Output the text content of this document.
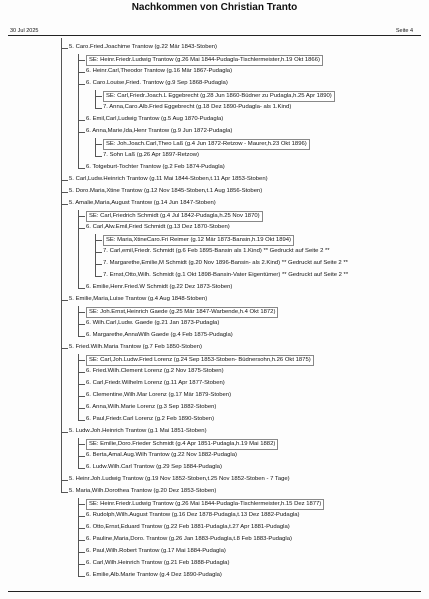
Nachkommen von Christian Tranto
30 Jul 2025	Seite 4
5. Caro.Fried.Joachime Trantow (g.22 Mär 1843-Stoben)
SE: Heinr.Friedr.Ludwig Trantow (g.26 Mai 1844-Pudagla-Tischlermeister,h.19 Okt 1866)
6. Heinr.Carl,Theodor Trantow (g.16 Mär 1867-Pudagla)
6. Caro.Louise,Fried. Trantow (g.9 Sep 1868-Pudagla)
SE: Carl,Friedr.Joach.L Eggebrecht (g.28 Jun 1860-Büdner zu Pudagla,h.25 Apr 1890)
7. Anna,Caro.Alb.Fried Eggebrecht (g.18 Dez 1890-Pudagla- als 1.Kind)
6. Emil,Carl,Ludwig Trantow (g.5 Aug 1870-Pudagla)
6. Anna,Marie,Ida,Henr Trantow (g.9 Jun 1872-Pudagla)
SE: Joh.Joach.Carl,Theo Laß (g.4 Jun 1872-Retzow - Maurer,h.23 Okt 1896)
7. Sohn Laß (g.26 Apr 1897-Retzow)
6. Totgeburt-Tochter Trantow (g.2 Feb 1874-Pudagla)
5. Carl,Ludw.Heinrich Trantow (g.11 Mai 1844-Stoben,t.11 Apr 1853-Stoben)
5. Doro.Maria,Xtine Trantow (g.12 Nov 1845-Stoben,t.1 Aug 1856-Stoben)
5. Amalie,Maria,August Trantow (g.14 Jun 1847-Stoben)
SE: Carl,Friedrich Schmidt (g.4 Jul 1842-Pudagla,h.25 Nov 1870)
6. Carl,Alw.Emil,Fried Schmidt (g.13 Dez 1870-Stoben)
SE: Maria,XtineCaro.Fri Reimer (g.12 Mär 1873-Bansin,h.19 Okt 1894)
7. Carl,emil,Friedr. Schmidt (g.6 Feb 1895-Bansin als 1.Kind) ** Gedruckt auf Seite 2 **
7. Margarethe,Emilie,M Schmidt (g.20 Nov 1896-Bansin- als 2.Kind) ** Gedruckt auf Seite 2 **
7. Ernst,Otto,Wilh. Schmidt (g.1 Okt 1898-Bansin-Vater Eigentümer) ** Gedruckt auf Seite 2 **
6. Emilie,Henr.Fried.W Schmidt (g.22 Dez 1873-Stoben)
5. Emilie,Maria,Luise Trantow (g.4 Aug 1848-Stoben)
SE: Joh.Ernst,Heinrich Gaede (g.25 Mär 1847-Warbende,h.4 Okt 1872)
6. Wilh.Carl,Ludw. Gaede (g.21 Jan 1873-Pudagla)
6. Margarethe,AnnaWilh Gaede (g.4 Feb 1875-Pudagla)
5. Fried.Wilh.Maria Trantow (g.7 Feb 1850-Stoben)
SE: Carl,Joh.Ludw.Fried Lorenz (g.24 Sep 1853-Stoben- Büdnersohn,h.26 Okt 1875)
6. Fried.Wilh.Clement Lorenz (g.2 Nov 1875-Stoben)
6. Carl,Friedr.Wilhelm Lorenz (g.11 Apr 1877-Stoben)
6. Clementine,Wilh.Mar Lorenz (g.17 Mär 1879-Stoben)
6. Anna,Wilh.Marie Lorenz (g.3 Sep 1882-Stoben)
6. Paul,Friedr.Carl Lorenz (g.2 Feb 1890-Stoben)
5. Ludw.Joh.Heinrich Trantow (g.1 Mai 1851-Stoben)
SE: Emilie,Doro.Frieder Schmidt (g.4 Apr 1851-Pudagla,h.19 Mai 1882)
6. Berta,Amal.Aug.Wilh Trantow (g.22 Nov 1882-Pudagla)
6. Ludw.Wilh.Carl Trantow (g.29 Sep 1884-Pudagla)
5. Heinr.Joh.Ludwig Trantow (g.19 Nov 1852-Stoben,t.25 Nov 1852-Stoben - 7 Tage)
5. Maria,Wilh.Dorothea Trantow (g.20 Dez 1853-Stoben)
SE: Heinr.Friedr.Ludwig Trantow (g.26 Mai 1844-Pudagla-Tischlermeister,h.15 Dez 1877)
6. Rudolph,Wilh.August Trantow (g.16 Dez 1878-Pudagla,t.13 Dez 1882-Pudagla)
6. Otto,Ernst,Eduard Trantow (g.22 Feb 1881-Pudagla,t.27 Apr 1881-Pudagla)
6. Pauline,Maria,Doro. Trantow (g.26 Jan 1883-Pudagla,t.8 Feb 1883-Pudagla)
6. Paul,Wilh.Robert Trantow (g.17 Mai 1884-Pudagla)
6. Carl,Wilh.Heinrich Trantow (g.21 Feb 1888-Pudagla)
6. Emilie,Alb.Marie Trantow (g.4 Dez 1890-Pudagla)
